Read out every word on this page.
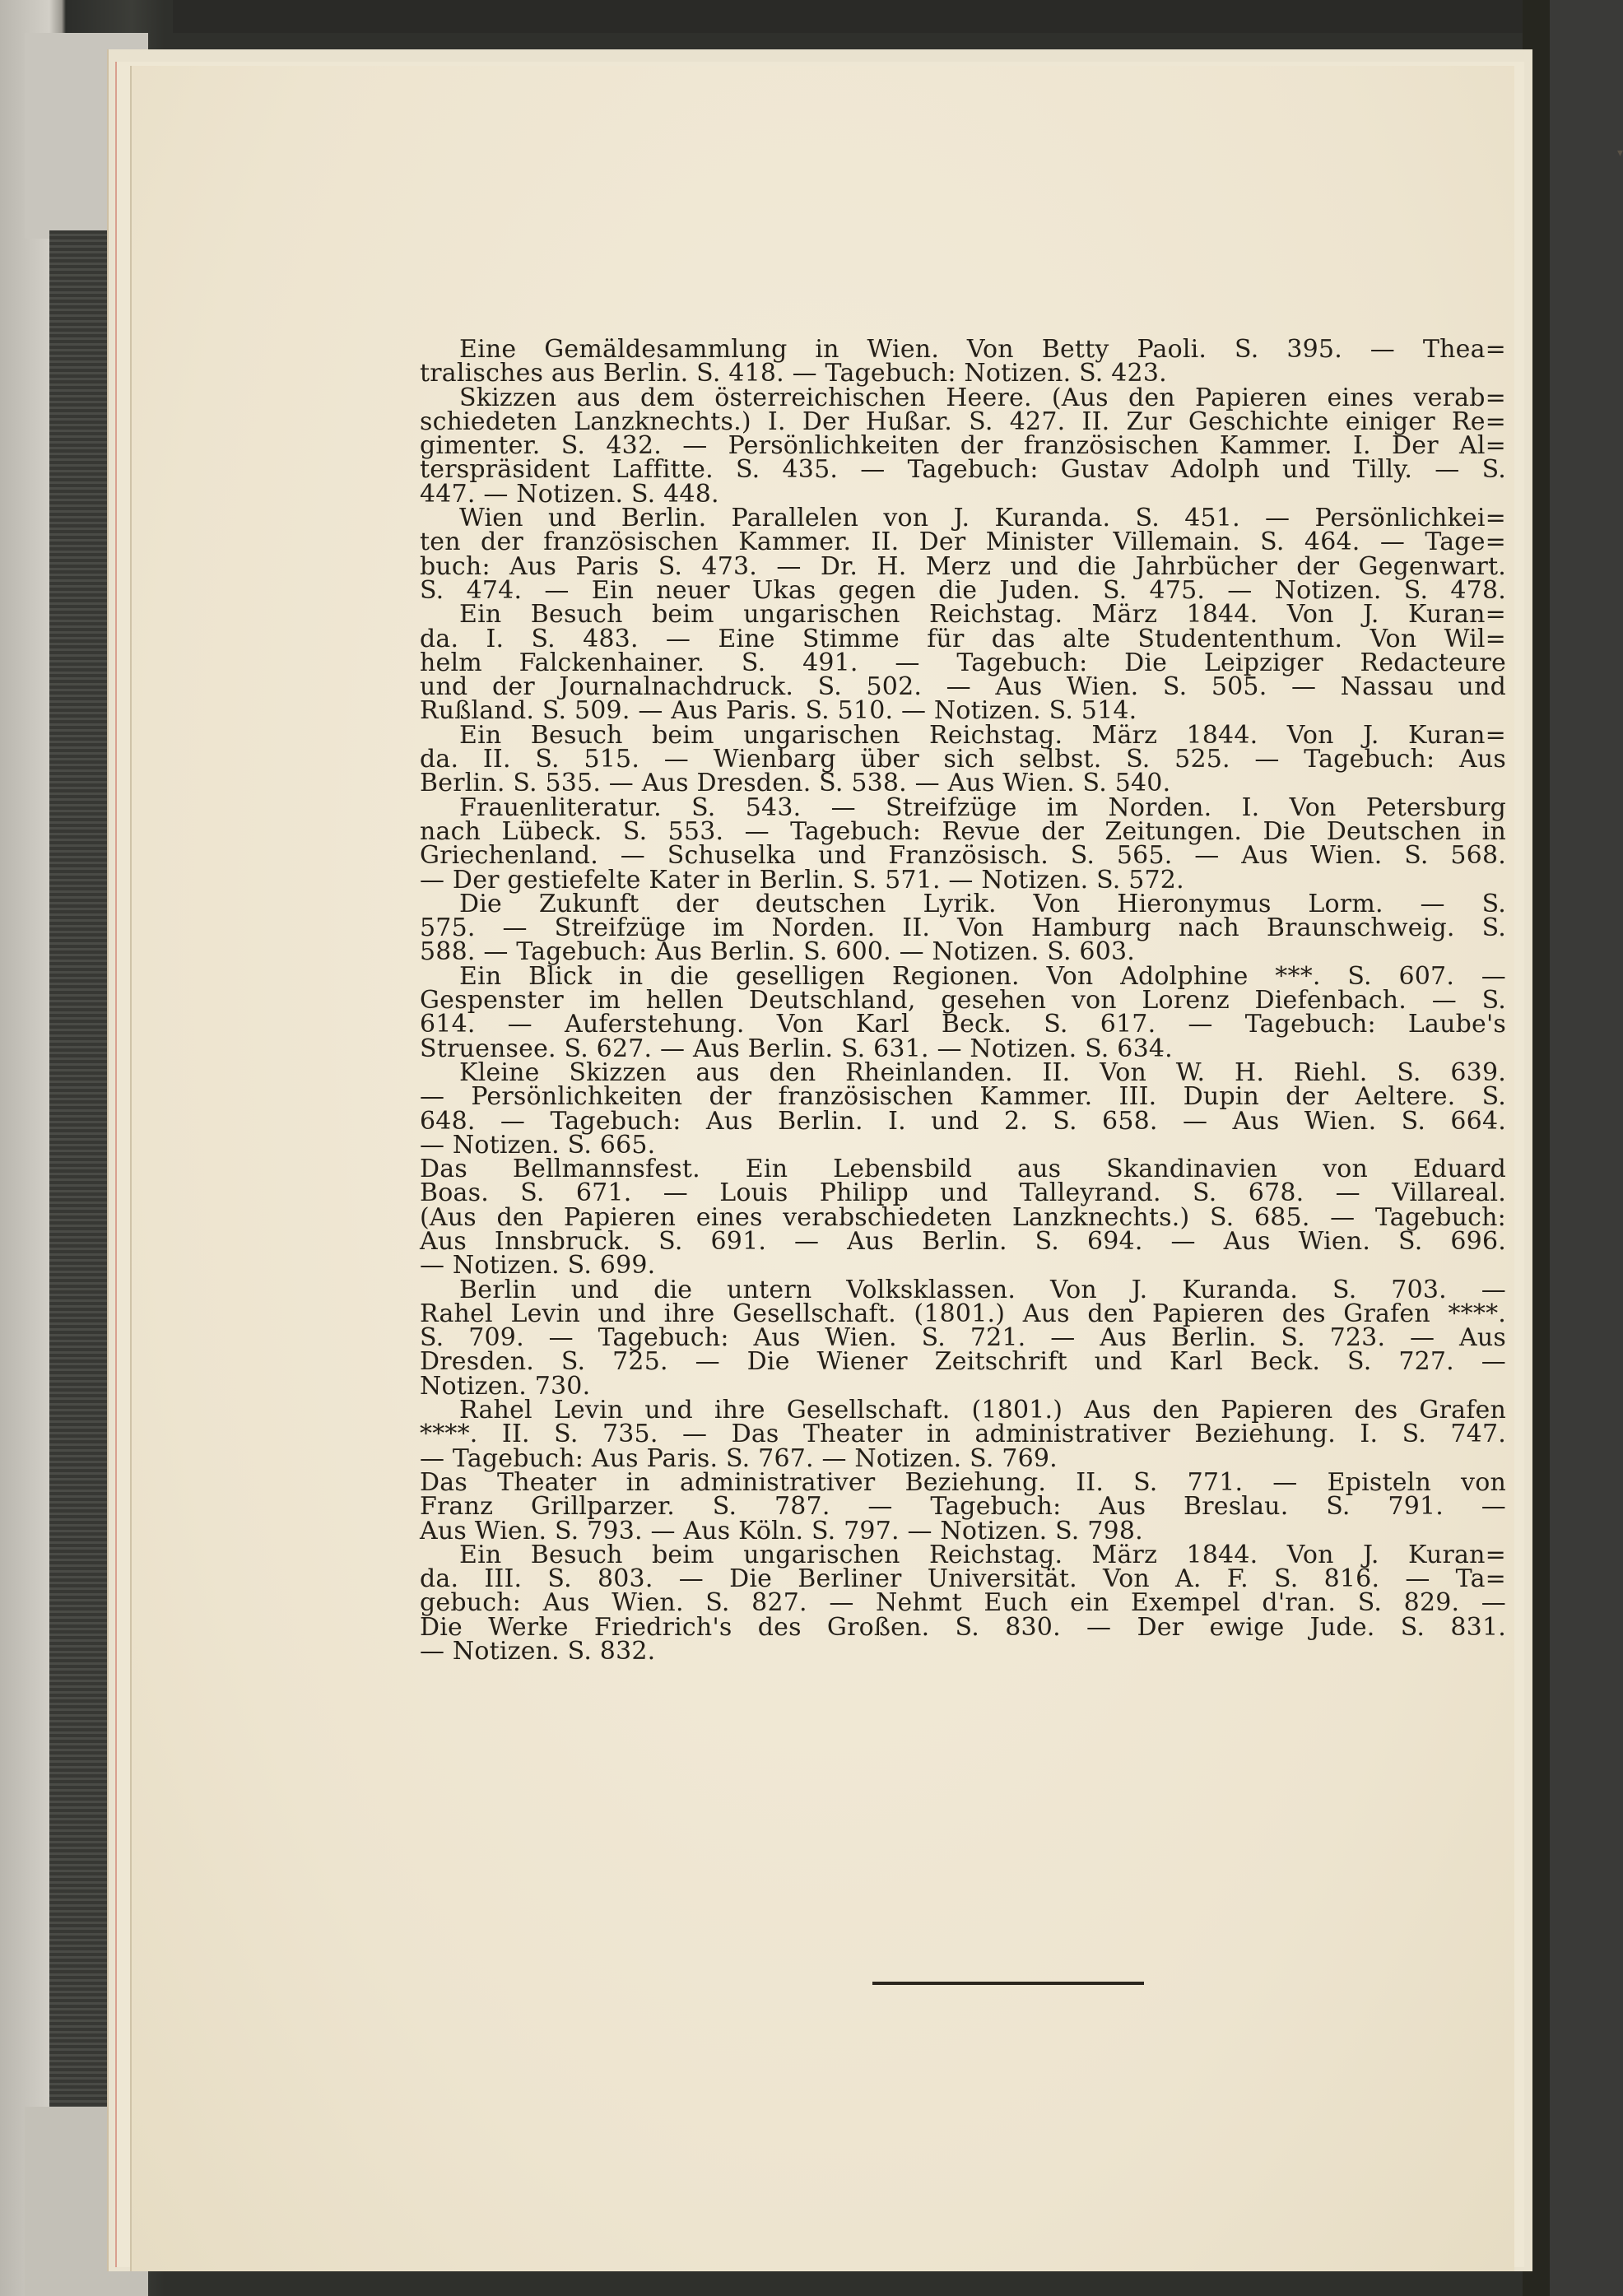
▾
Eine Gemäldesammlung in Wien. Von Betty Paoli. S. 395. — Thea=
tralisches aus Berlin. S. 418. — Tagebuch: Notizen. S. 423.
Skizzen aus dem österreichischen Heere. (Aus den Papieren eines verab=
schiedeten Lanzknechts.) I. Der Hußar. S. 427. II. Zur Geschichte einiger Re=
gimenter. S. 432. — Persönlichkeiten der französischen Kammer. I. Der Al=
terspräsident Laffitte. S. 435. — Tagebuch: Gustav Adolph und Tilly. — S.
447. — Notizen. S. 448.
Wien und Berlin. Parallelen von J. Kuranda. S. 451. — Persönlichkei=
ten der französischen Kammer. II. Der Minister Villemain. S. 464. — Tage=
buch: Aus Paris S. 473. — Dr. H. Merz und die Jahrbücher der Gegenwart.
S. 474. — Ein neuer Ukas gegen die Juden. S. 475. — Notizen. S. 478.
Ein Besuch beim ungarischen Reichstag. März 1844. Von J. Kuran=
da. I. S. 483. — Eine Stimme für das alte Studententhum. Von Wil=
helm Falckenhainer. S. 491. — Tagebuch: Die Leipziger Redacteure
und der Journalnachdruck. S. 502. — Aus Wien. S. 505. — Nassau und
Rußland. S. 509. — Aus Paris. S. 510. — Notizen. S. 514.
Ein Besuch beim ungarischen Reichstag. März 1844. Von J. Kuran=
da. II. S. 515. — Wienbarg über sich selbst. S. 525. — Tagebuch: Aus
Berlin. S. 535. — Aus Dresden. S. 538. — Aus Wien. S. 540.
Frauenliteratur. S. 543. — Streifzüge im Norden. I. Von Petersburg
nach Lübeck. S. 553. — Tagebuch: Revue der Zeitungen. Die Deutschen in
Griechenland. — Schuselka und Französisch. S. 565. — Aus Wien. S. 568.
— Der gestiefelte Kater in Berlin. S. 571. — Notizen. S. 572.
Die Zukunft der deutschen Lyrik. Von Hieronymus Lorm. — S.
575. — Streifzüge im Norden. II. Von Hamburg nach Braunschweig. S.
588. — Tagebuch: Aus Berlin. S. 600. — Notizen. S. 603.
Ein Blick in die geselligen Regionen. Von Adolphine ***. S. 607. —
Gespenster im hellen Deutschland, gesehen von Lorenz Diefenbach. — S.
614. — Auferstehung. Von Karl Beck. S. 617. — Tagebuch: Laube's
Struensee. S. 627. — Aus Berlin. S. 631. — Notizen. S. 634.
Kleine Skizzen aus den Rheinlanden. II. Von W. H. Riehl. S. 639.
— Persönlichkeiten der französischen Kammer. III. Dupin der Aeltere. S.
648. — Tagebuch: Aus Berlin. I. und 2. S. 658. — Aus Wien. S. 664.
— Notizen. S. 665.
Das Bellmannsfest. Ein Lebensbild aus Skandinavien von Eduard
Boas. S. 671. — Louis Philipp und Talleyrand. S. 678. — Villareal.
(Aus den Papieren eines verabschiedeten Lanzknechts.) S. 685. — Tagebuch:
Aus Innsbruck. S. 691. — Aus Berlin. S. 694. — Aus Wien. S. 696.
— Notizen. S. 699.
Berlin und die untern Volksklassen. Von J. Kuranda. S. 703. —
Rahel Levin und ihre Gesellschaft. (1801.) Aus den Papieren des Grafen ****.
S. 709. — Tagebuch: Aus Wien. S. 721. — Aus Berlin. S. 723. — Aus
Dresden. S. 725. — Die Wiener Zeitschrift und Karl Beck. S. 727. —
Notizen. 730.
Rahel Levin und ihre Gesellschaft. (1801.) Aus den Papieren des Grafen
****. II. S. 735. — Das Theater in administrativer Beziehung. I. S. 747.
— Tagebuch: Aus Paris. S. 767. — Notizen. S. 769.
Das Theater in administrativer Beziehung. II. S. 771. — Episteln von
Franz Grillparzer. S. 787. — Tagebuch: Aus Breslau. S. 791. —
Aus Wien. S. 793. — Aus Köln. S. 797. — Notizen. S. 798.
Ein Besuch beim ungarischen Reichstag. März 1844. Von J. Kuran=
da. III. S. 803. — Die Berliner Universität. Von A. F. S. 816. — Ta=
gebuch: Aus Wien. S. 827. — Nehmt Euch ein Exempel d'ran. S. 829. —
Die Werke Friedrich's des Großen. S. 830. — Der ewige Jude. S. 831.
— Notizen. S. 832.
